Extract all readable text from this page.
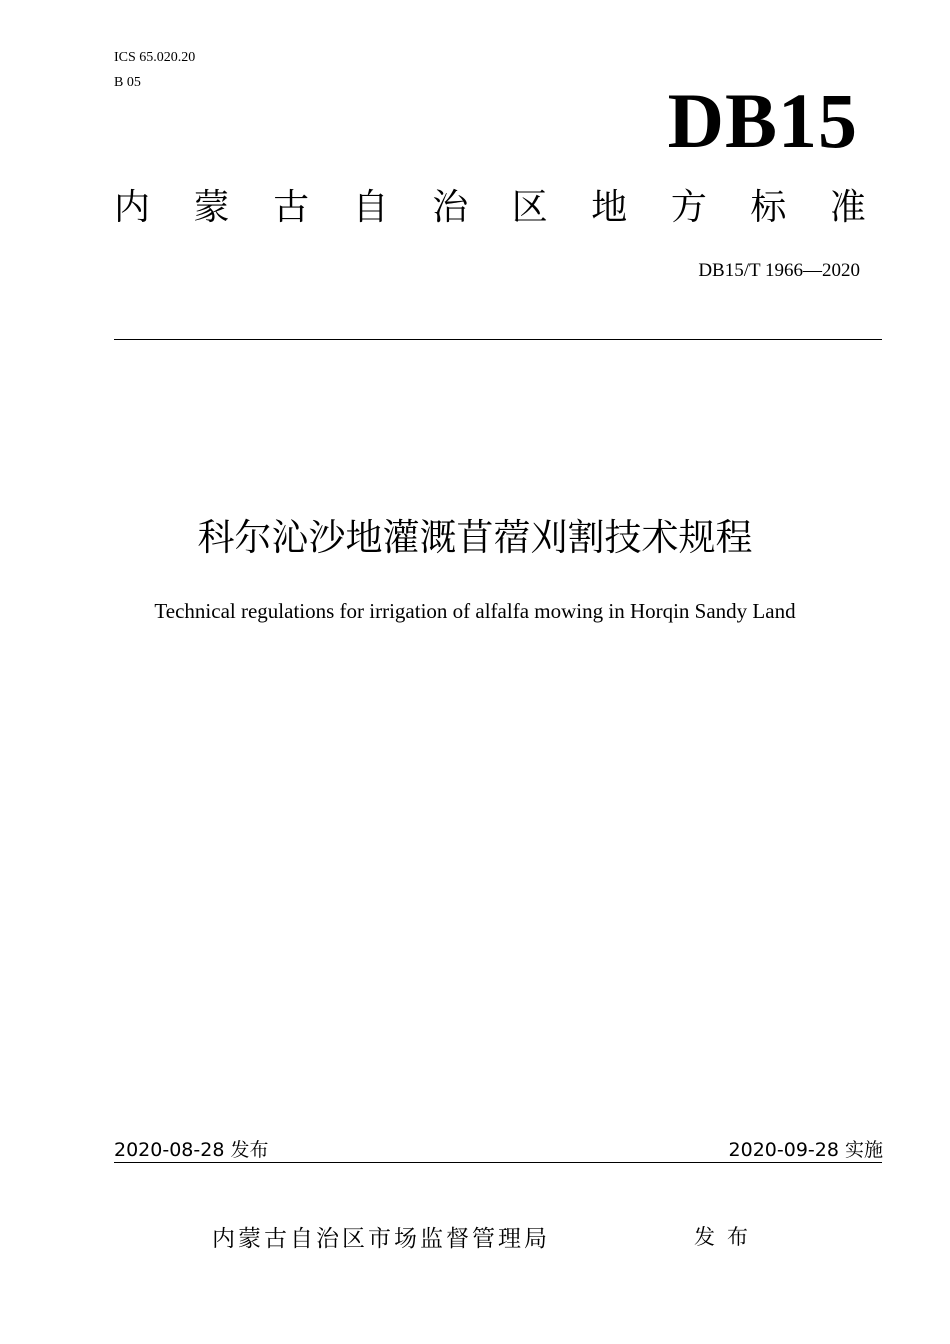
ICS 65.020.20
B 05	DB15
内 蒙 古 自 治 区 地 方 标 准
DB15/T 1966—2020
科尔沁沙地灌溉苜蓿刈割技术规程
Technical regulations for irrigation of alfalfa mowing in Horqin Sandy Land
2020-08-28 发布	2020-09-28 实施
内蒙古自治区市场监督管理局	发布
